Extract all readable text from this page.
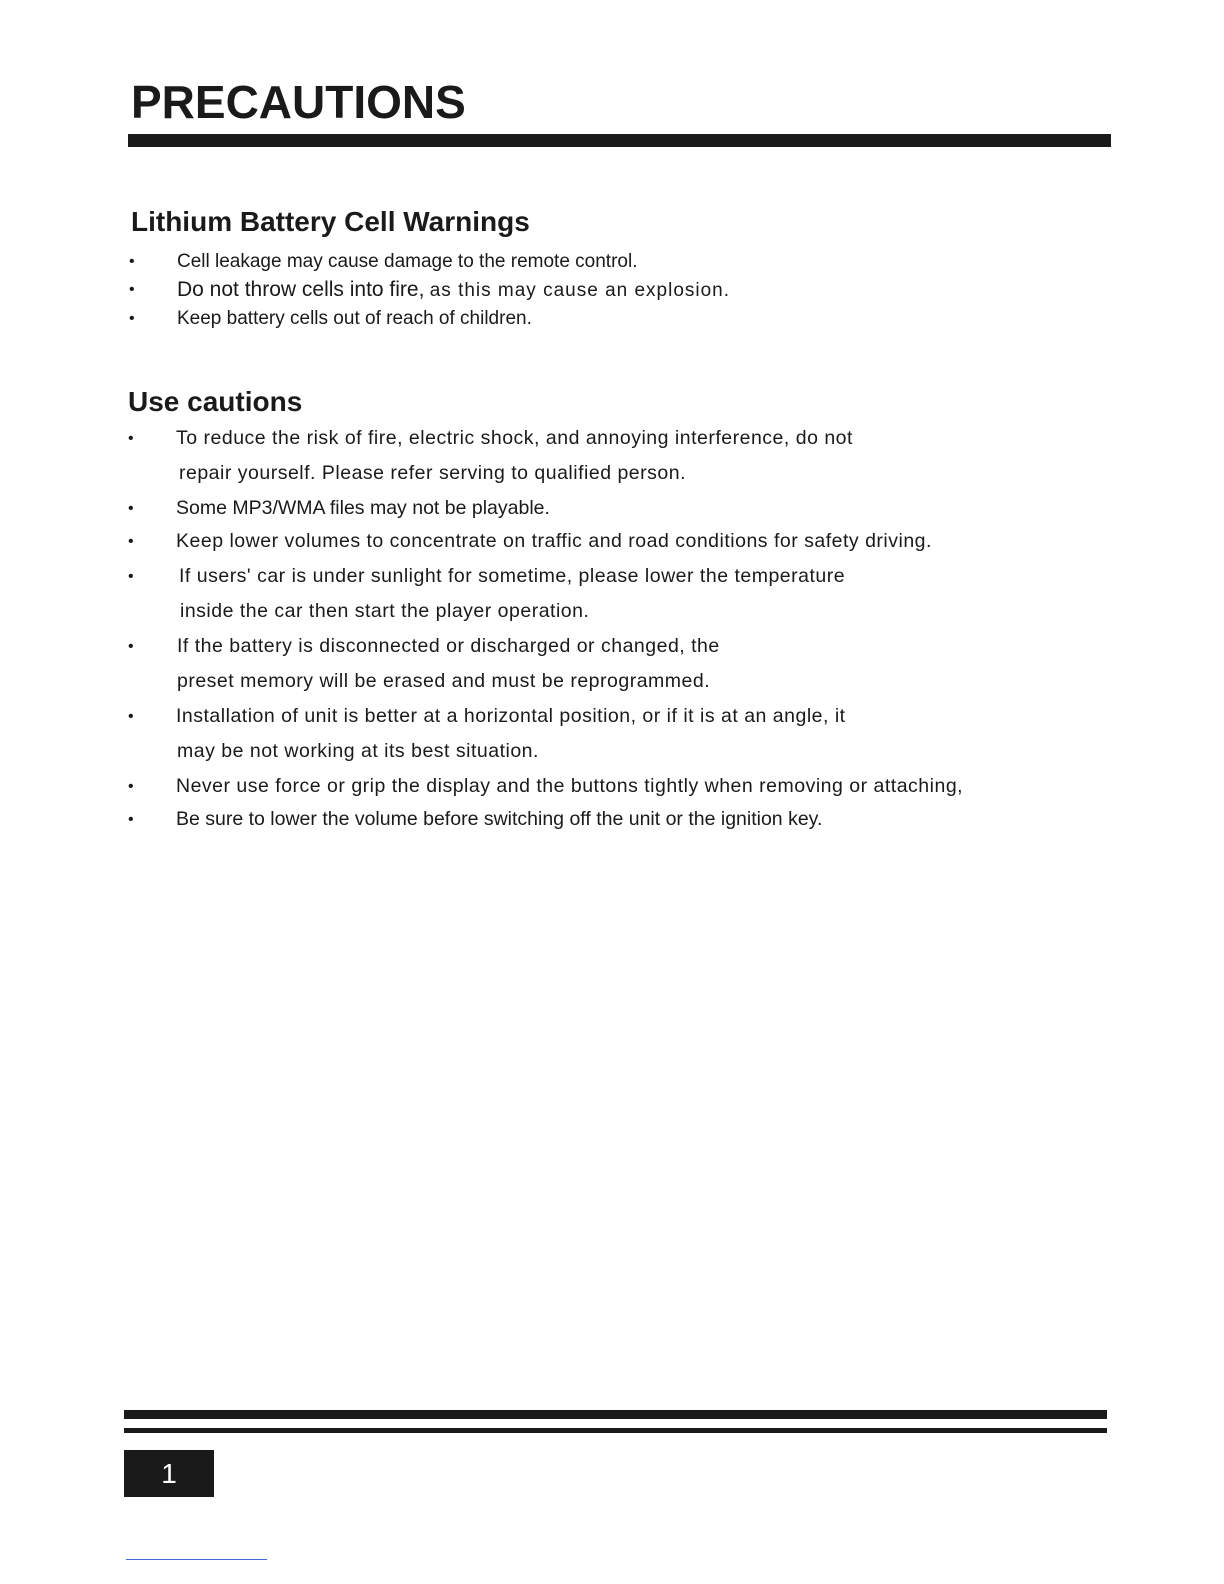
PRECAUTIONS
Lithium Battery Cell Warnings
• Cell leakage may cause damage to the remote control.
• Do not throw cells into fire, as this may cause an explosion.
• Keep battery cells out of reach of children.
Use cautions
• To reduce the risk of fire, electric shock, and annoying interference, do not
repair yourself. Please refer serving to qualified person.
• Some MP3/WMA files may not be playable.
• Keep lower volumes to concentrate on traffic and road conditions for safety driving.
• If users' car is under sunlight for sometime, please lower the temperature
inside the car then start the player operation.
• If the battery is disconnected or discharged or changed, the
preset memory will be erased and must be reprogrammed.
• Installation of unit is better at a horizontal position, or if it is at an angle, it
may be not working at its best situation.
• Never use force or grip the display and the buttons tightly when removing or attaching,
• Be sure to lower the volume before switching off the unit or the ignition key.
1
